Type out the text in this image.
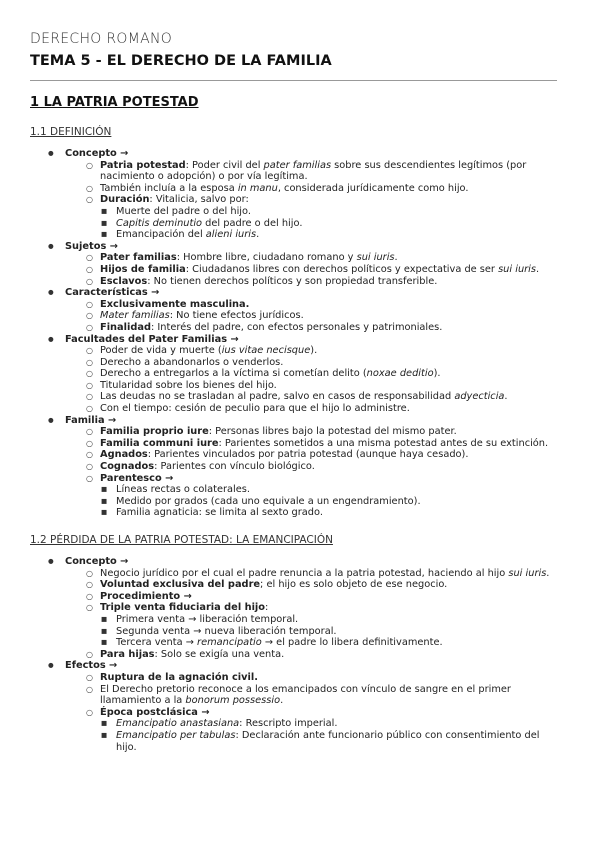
DERECHO ROMANO
TEMA 5 - EL DERECHO DE LA FAMILIA
1 LA PATRIA POTESTAD
1.1 DEFINICIÓN
● Concepto →
○ Patria potestad: Poder civil del pater familias sobre sus descendientes legítimos (por nacimiento o adopción) o por vía legítima.
○ También incluía a la esposa in manu, considerada jurídicamente como hijo.
○ Duración: Vitalicia, salvo por:
■ Muerte del padre o del hijo.
■ Capitis deminutio del padre o del hijo.
■ Emancipación del alieni iuris.
● Sujetos →
○ Pater familias: Hombre libre, ciudadano romano y sui iuris.
○ Hijos de familia: Ciudadanos libres con derechos políticos y expectativa de ser sui iuris.
○ Esclavos: No tienen derechos políticos y son propiedad transferible.
● Características →
○ Exclusivamente masculina.
○ Mater familias: No tiene efectos jurídicos.
○ Finalidad: Interés del padre, con efectos personales y patrimoniales.
● Facultades del Pater Familias →
○ Poder de vida y muerte (ius vitae necisque).
○ Derecho a abandonarlos o venderlos.
○ Derecho a entregarlos a la víctima si cometían delito (noxae deditio).
○ Titularidad sobre los bienes del hijo.
○ Las deudas no se trasladan al padre, salvo en casos de responsabilidad adyecticia.
○ Con el tiempo: cesión de peculio para que el hijo lo administre.
● Familia →
○ Familia proprio iure: Personas libres bajo la potestad del mismo pater.
○ Familia communi iure: Parientes sometidos a una misma potestad antes de su extinción.
○ Agnados: Parientes vinculados por patria potestad (aunque haya cesado).
○ Cognados: Parientes con vínculo biológico.
○ Parentesco →
■ Líneas rectas o colaterales.
■ Medido por grados (cada uno equivale a un engendramiento).
■ Familia agnaticia: se limita al sexto grado.
1.2 PÉRDIDA DE LA PATRIA POTESTAD: LA EMANCIPACIÓN
● Concepto →
○ Negocio jurídico por el cual el padre renuncia a la patria potestad, haciendo al hijo sui iuris.
○ Voluntad exclusiva del padre; el hijo es solo objeto de ese negocio.
○ Procedimiento →
○ Triple venta fiduciaria del hijo:
■ Primera venta → liberación temporal.
■ Segunda venta → nueva liberación temporal.
■ Tercera venta → remancipatio → el padre lo libera definitivamente.
○ Para hijas: Solo se exigía una venta.
● Efectos →
○ Ruptura de la agnación civil.
○ El Derecho pretorio reconoce a los emancipados con vínculo de sangre en el primer llamamiento a la bonorum possessio.
○ Época postclásica →
■ Emancipatio anastasiana: Rescripto imperial.
■ Emancipatio per tabulas: Declaración ante funcionario público con consentimiento del hijo.
